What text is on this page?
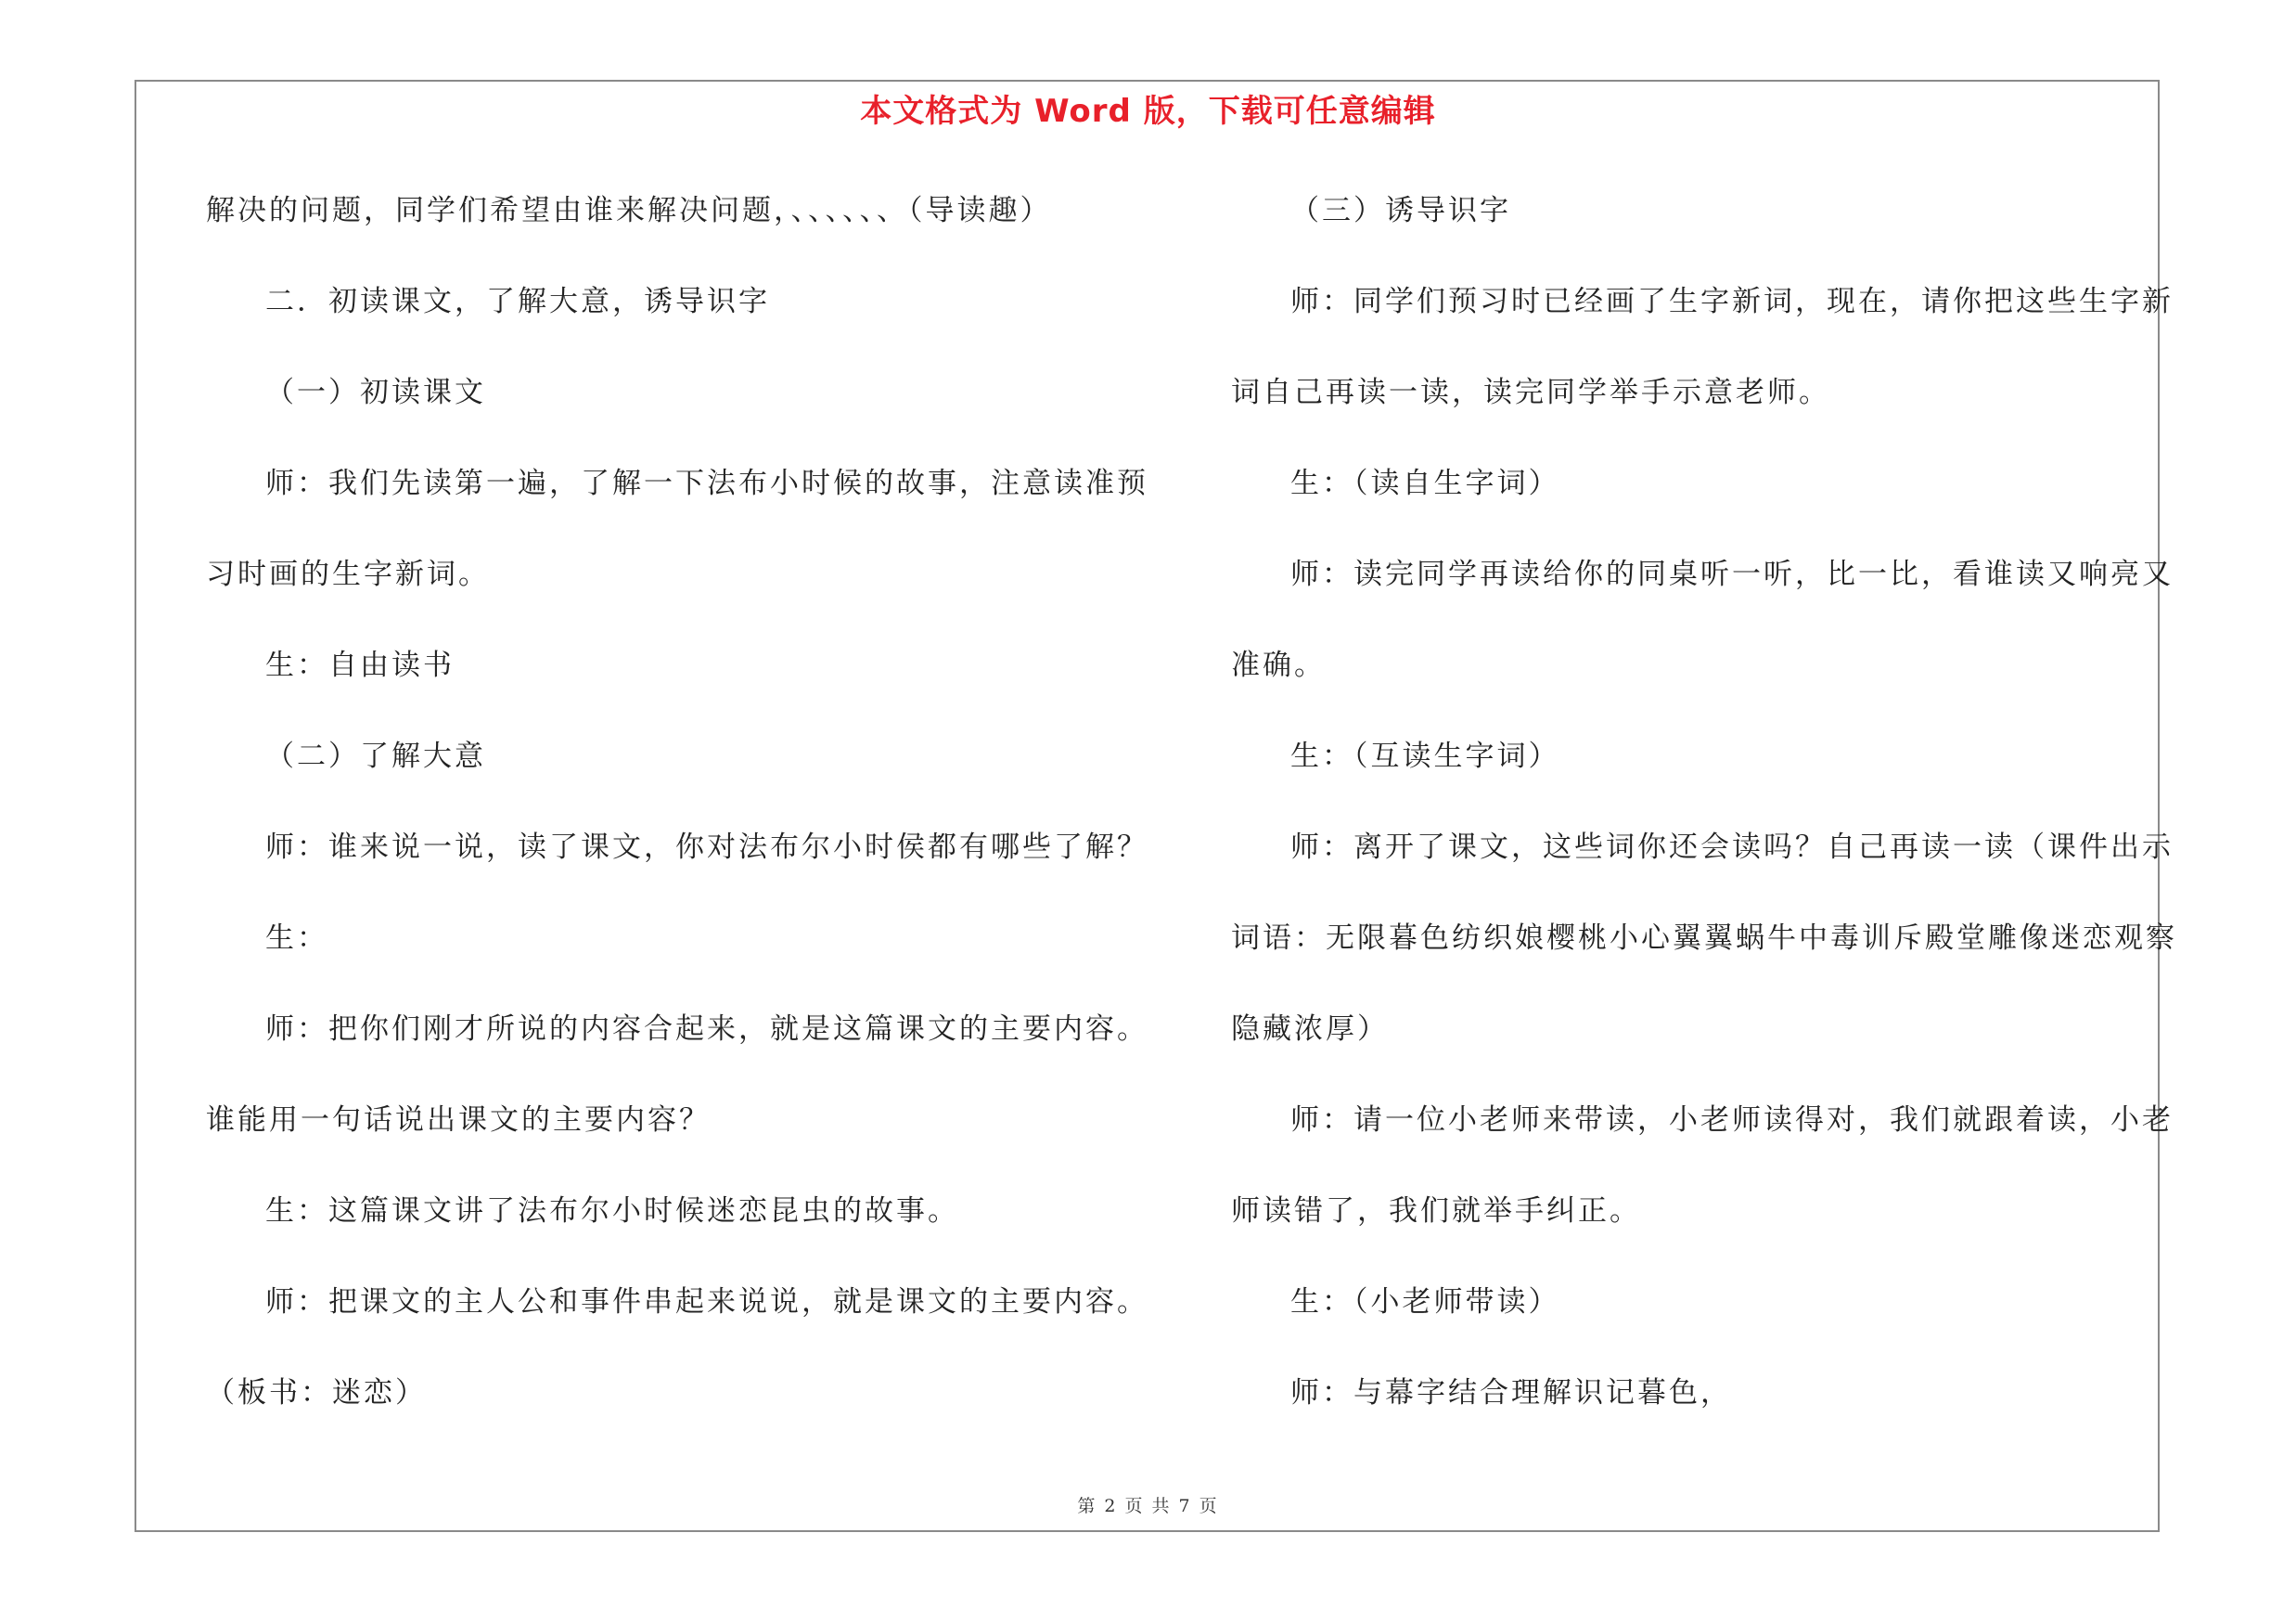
本文格式为 Word 版，下载可任意编辑
解决的问题，同学们希望由谁来解决问题，、、、、、、（导读趣）
二．初读课文，了解大意，诱导识字
（一）初读课文
师：我们先读第一遍，了解一下法布小时候的故事，注意读准预
习时画的生字新词。
生：自由读书
（二）了解大意
师：谁来说一说，读了课文，你对法布尔小时侯都有哪些了解？
生：
师：把你们刚才所说的内容合起来，就是这篇课文的主要内容。
谁能用一句话说出课文的主要内容？
生：这篇课文讲了法布尔小时候迷恋昆虫的故事。
师：把课文的主人公和事件串起来说说，就是课文的主要内容。
（板书：迷恋）
（三）诱导识字
师：同学们预习时已经画了生字新词，现在，请你把这些生字新
词自己再读一读，读完同学举手示意老师。
生：（读自生字词）
师：读完同学再读给你的同桌听一听，比一比，看谁读又响亮又
准确。
生：（互读生字词）
师：离开了课文，这些词你还会读吗？自己再读一读（课件出示
词语：无限暮色纺织娘樱桃小心翼翼蜗牛中毒训斥殿堂雕像迷恋观察
隐藏浓厚）
师：请一位小老师来带读，小老师读得对，我们就跟着读，小老
师读错了，我们就举手纠正。
生：（小老师带读）
师：与幕字结合理解识记暮色，
第 2 页 共 7 页
